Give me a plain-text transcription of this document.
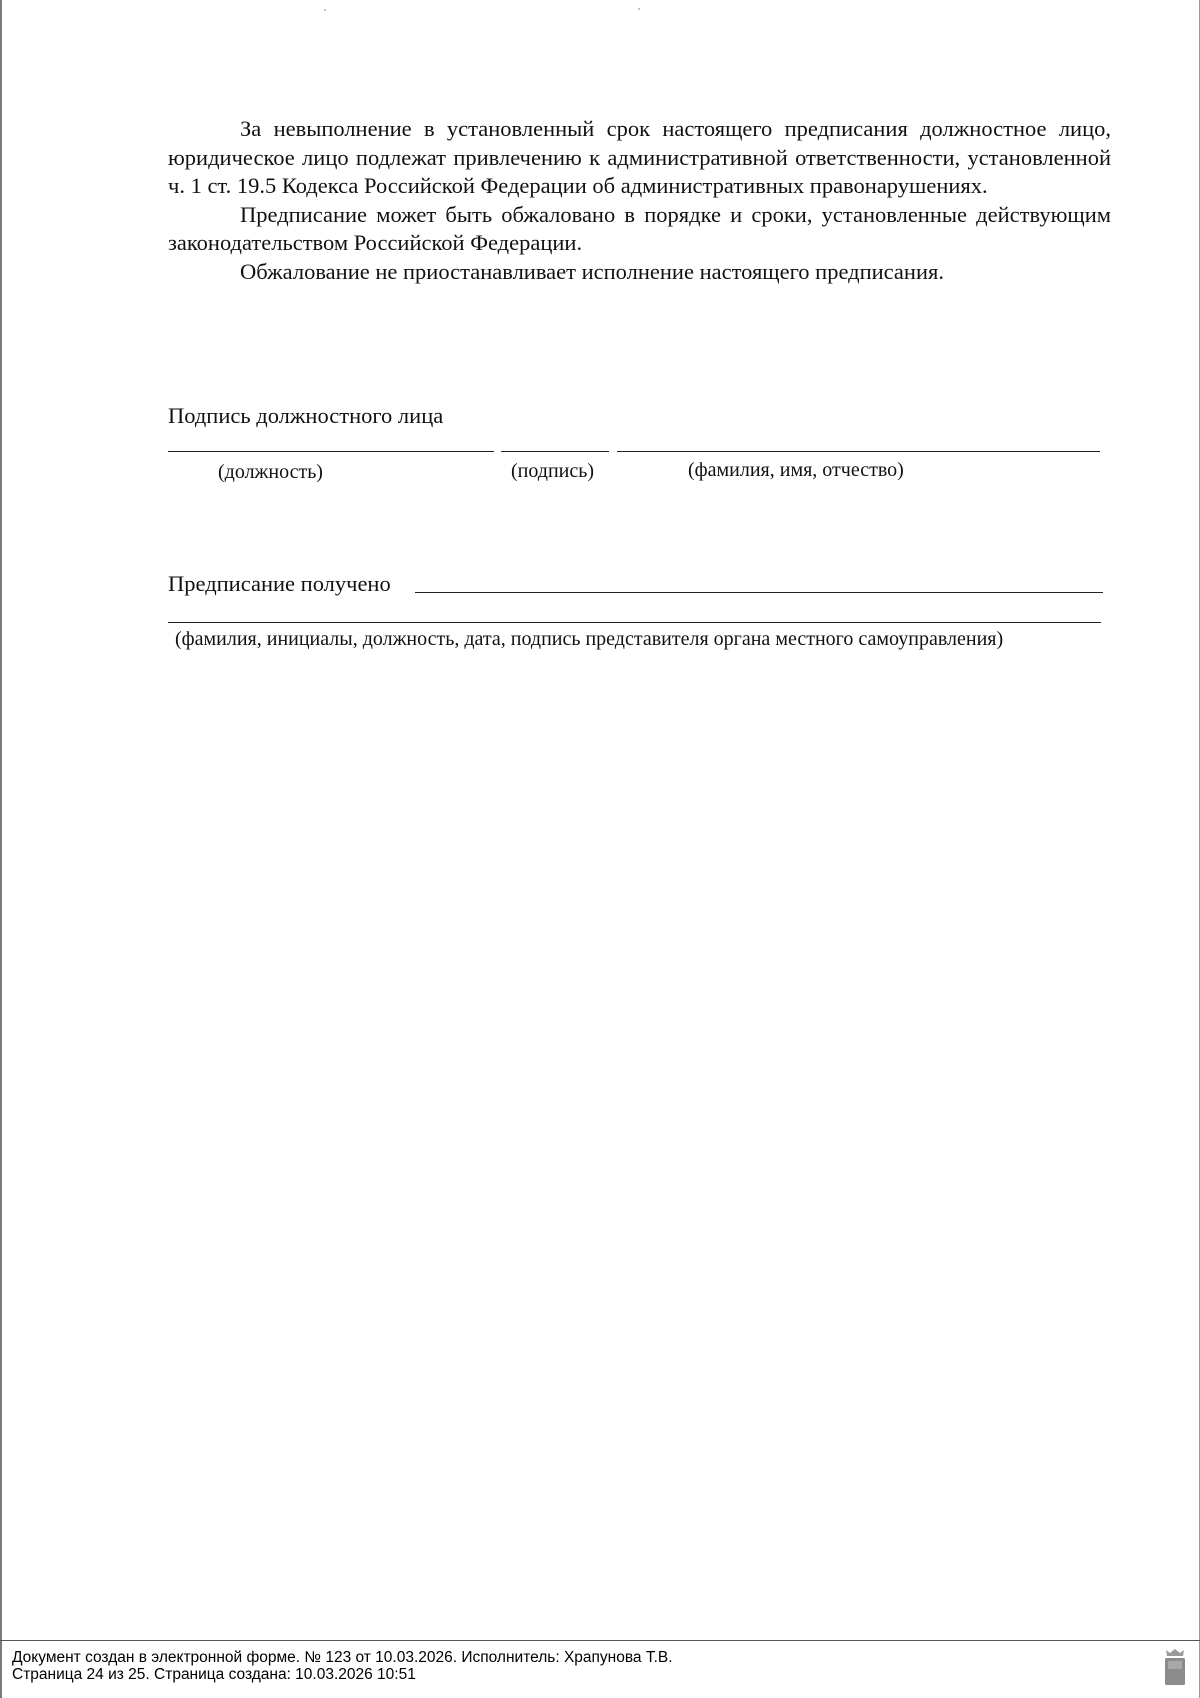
За невыполнение в установленный срок настоящего предписания должностное лицо, юридическое лицо подлежат привлечению к административной ответственности, установленной ч. 1 ст. 19.5 Кодекса Российской Федерации об административных правонарушениях.

Предписание может быть обжаловано в порядке и сроки, установленные действующим законодательством Российской Федерации.

Обжалование не приостанавливает исполнение настоящего предписания.

Подпись должностного лица
(должность)	(подпись)	(фамилия, имя, отчество)
Предписание получено
(фамилия, инициалы, должность, дата, подпись представителя органа местного самоуправления)
Документ создан в электронной форме. № 123 от 10.03.2026. Исполнитель: Храпунова Т.В.
Страница 24 из 25. Страница создана: 10.03.2026 10:51
